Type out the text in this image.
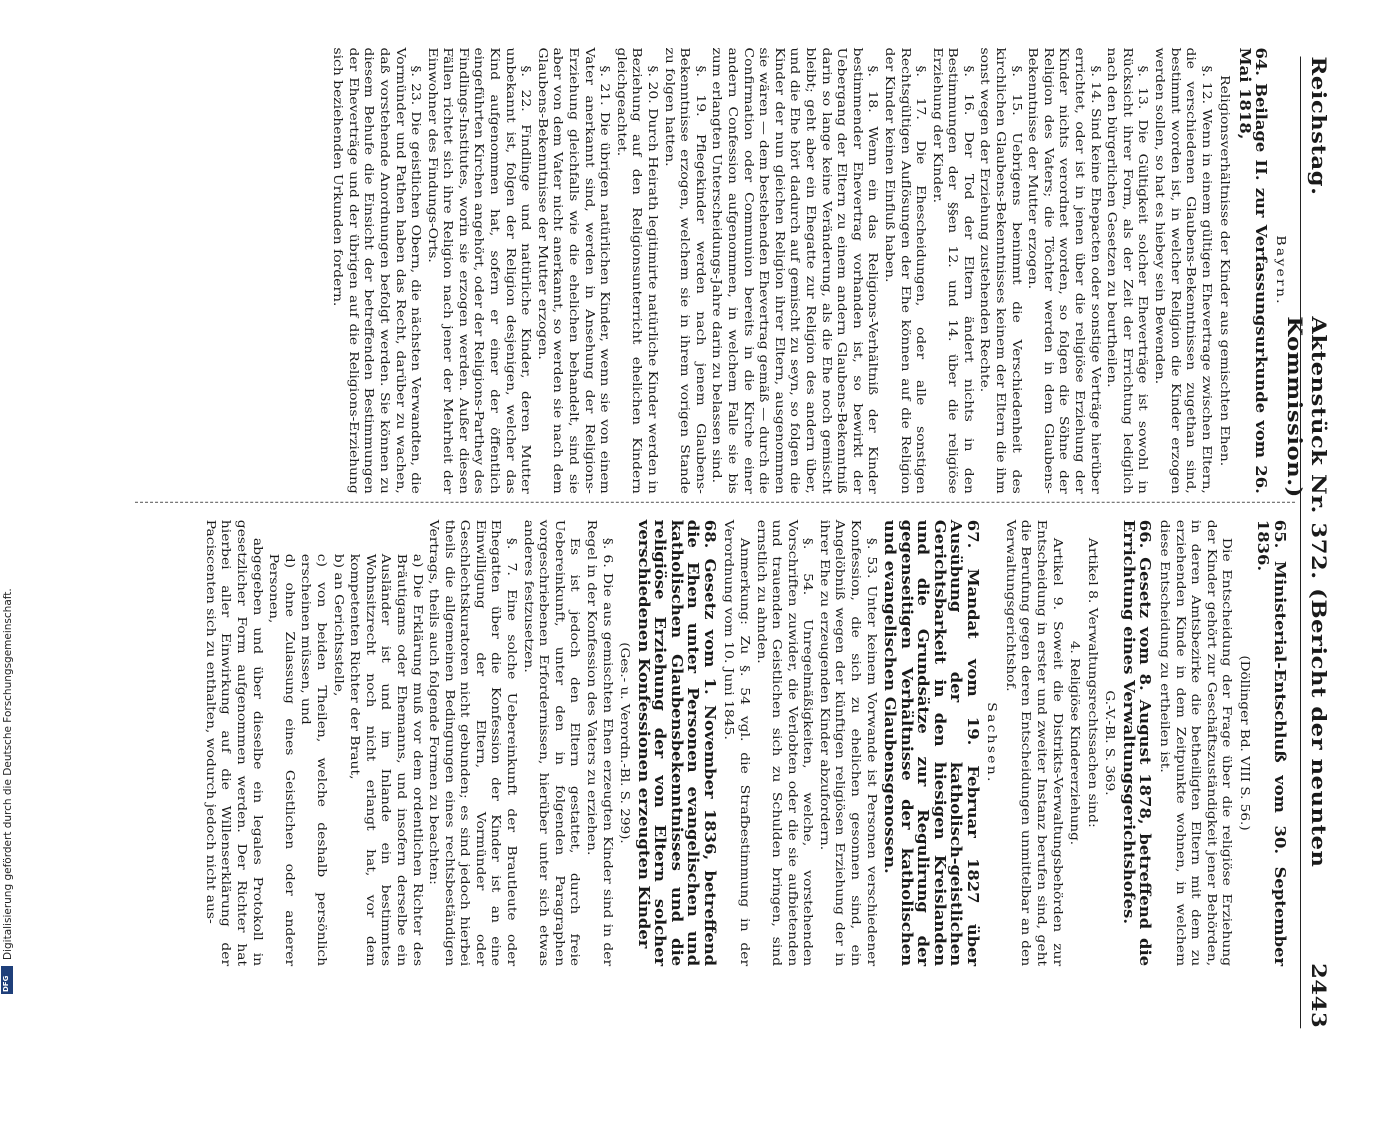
Reichstag.
Aktenstück Nr. 372. (Bericht der neunten Kommission.)
2443

Bayern.

64. Beilage II. zur Verfassungsurkunde vom 26. Mai 1818,

Religionsverhältnisse der Kinder aus gemischten Ehen.

§. 12. Wenn in einem gültigen Ehevertrage zwischen Eltern, die verschiedenen Glaubens-Bekenntnissen zugethan sind, bestimmt worden ist, in welcher Religion die Kinder erzogen werden sollen, so hat es hiebey sein Bewenden.

§. 13. Die Gültigkeit solcher Eheverträge ist sowohl in Rücksicht ihrer Form, als der Zeit der Errichtung lediglich nach den bürgerlichen Gesetzen zu beurtheilen.

§. 14. Sind keine Ehepacten oder sonstige Verträge hierüber errichtet, oder ist in jenen über die religiöse Erziehung der Kinder nichts verordnet worden, so folgen die Söhne der Religion des Vaters; die Töchter werden in dem Glaubens-Bekenntnisse der Mutter erzogen.

§. 15. Uebrigens benimmt die Verschiedenheit des kirchlichen Glaubens-Bekenntnisses keinem der Eltern die ihm sonst wegen der Erziehung zustehenden Rechte.

§. 16. Der Tod der Eltern ändert nichts in den Bestimmungen der §§en 12. und 14. über die religiöse Erziehung der Kinder.

§. 17. Die Ehescheidungen, oder alle sonstigen Rechtsgültigen Auflösungen der Ehe können auf die Religion der Kinder keinen Einfluß haben.

§. 18. Wenn ein das Religions-Verhältniß der Kinder bestimmender Ehevertrag vorhanden ist, so bewirkt der Uebergang der Eltern zu einem andern Glaubens-Bekenntniß darin so lange keine Veränderung, als die Ehe noch gemischt bleibt; geht aber ein Ehegatte zur Religion des andern über, und die Ehe hört dadurch auf gemischt zu seyn, so folgen die Kinder der nun gleichen Religion ihrer Eltern, ausgenommen sie wären — dem bestehenden Ehevertrag gemäß — durch die Confirmation oder Communion bereits in die Kirche einer andern Confession aufgenommen, in welchem Falle sie bis zum erlangten Unterscheidungs-Jahre darin zu belassen sind.

§. 19. Pflegekinder werden nach jenem Glaubens-Bekenntnisse erzogen, welchem sie in ihrem vorigen Stande zu folgen hatten.

§. 20. Durch Heirath legitimirte natürliche Kinder werden in Beziehung auf den Religionsunterricht ehelichen Kindern gleichgeachtet.

§. 21. Die übrigen natürlichen Kinder, wenn sie von einem Vater anerkannt sind, werden in Ansehung der Religions-Erziehung gleichfalls wie die ehelichen behandelt, sind sie aber von dem Vater nicht anerkannt, so werden sie nach dem Glaubens-Bekenntnisse der Mutter erzogen.

§. 22. Findlinge und natürliche Kinder, deren Mutter unbekannt ist, folgen der Religion desjenigen, welcher das Kind aufgenommen hat, sofern er einer der öffentlich eingeführten Kirchen angehört, oder der Religions-Parthey des Findlings-Institutes, worin sie erzogen werden. Außer diesen Fällen richtet sich ihre Religion nach jener der Mehrheit der Einwohner des Findungs-Orts.

§. 23. Die geistlichen Obern, die nächsten Verwandten, die Vormünder und Pathen haben das Recht, darüber zu wachen, daß vorstehende Anordnungen befolgt werden. Sie können zu diesem Behufe die Einsicht der betreffenden Bestimmungen der Eheverträge und der übrigen auf die Religions-Erziehung sich beziehenden Urkunden fordern.

65. Ministerial-Entschluß vom 30. September 1836.

(Döllinger Bd. VIII S. 56.)

Die Entscheidung der Frage über die religiöse Erziehung der Kinder gehört zur Geschäftszuständigkeit jener Behörden, in deren Amtsbezirke die betheiligten Eltern mit dem zu erziehenden Kinde in dem Zeitpunkte wohnen, in welchem diese Entscheidung zu ertheilen ist.

66. Gesetz vom 8. August 1878, betreffend die Errichtung eines Verwaltungsgerichtshofes.

G.-V.-Bl. S. 369.

Artikel 8. Verwaltungsrechtssachen sind:

4. Religiöse Kindererziehung.

Artikel 9. Soweit die Distrikts-Verwaltungsbehörden zur Entscheidung in erster und zweiter Instanz berufen sind, geht die Berufung gegen deren Entscheidungen unmittelbar an den Verwaltungsgerichtshof.

Sachsen.

67. Mandat vom 19. Februar 1827 über Ausübung der katholisch-geistlichen Gerichtsbarkeit in den hiesigen Kreislanden und die Grundsätze zur Regulirung der gegenseitigen Verhältnisse der katholischen und evangelischen Glaubensgenossen.

§. 53. Unter keinem Vorwande ist Personen verschiedener Konfession, die sich zu ehelichen gesonnen sind, ein Angelöbniß wegen der künftigen religiösen Erziehung der in ihrer Ehe zu erzeugenden Kinder abzufordern.

§. 54. Unregelmäßigkeiten, welche, vorstehenden Vorschriften zuwider, die Verlobten oder die sie aufbietenden und trauenden Geistlichen sich zu Schulden bringen, sind ernstlich zu ahnden.

Anmerkung: Zu §. 54 vgl. die Strafbestimmung in der Verordnung vom 10. Juni 1845.

68. Gesetz vom 1. November 1836, betreffend die Ehen unter Personen evangelischen und katholischen Glaubensbekenntnisses und die religiöse Erziehung der von Eltern solcher verschiedenen Konfessionen erzeugten Kinder

(Ges.- u. Verordn.-Bl. S. 299).

§. 6. Die aus gemischten Ehen erzeugten Kinder sind in der Regel in der Konfession des Vaters zu erziehen.

Es ist jedoch den Eltern gestattet, durch freie Uebereinkunft, unter den in folgenden Paragraphen vorgeschriebenen Erfordernissen, hierüber unter sich etwas anderes festzusetzen.

§. 7. Eine solche Uebereinkunft der Brautleute oder Ehegatten über die Konfession der Kinder ist an eine Einwilligung der Eltern, Vormünder oder Geschlechtskuratoren nicht gebunden; es sind jedoch hierbei theils die allgemeinen Bedingungen eines rechtsbeständigen Vertrags, theils auch folgende Formen zu beachten:

a) Die Erklärung muß vor dem ordentlichen Richter des Bräutigams oder Ehemanns, und insofern derselbe ein Ausländer ist und im Inlande ein bestimmtes Wohnsitzrecht noch nicht erlangt hat, vor dem kompetenten Richter der Braut,

b) an Gerichtsstelle,

c) von beiden Theilen, welche deshalb persönlich erscheinen müssen, und

d) ohne Zulassung eines Geistlichen oder anderer Personen,

abgegeben und über dieselbe ein legales Protokoll in gesetzlicher Form aufgenommen werden. Der Richter hat hierbei aller Einwirkung auf die Willenserklärung der Paciscenten sich zu enthalten, wodurch jedoch nicht aus-

Digitalisierung gefördert durch die Deutsche Forschungsgemeinschaft.
DFG
